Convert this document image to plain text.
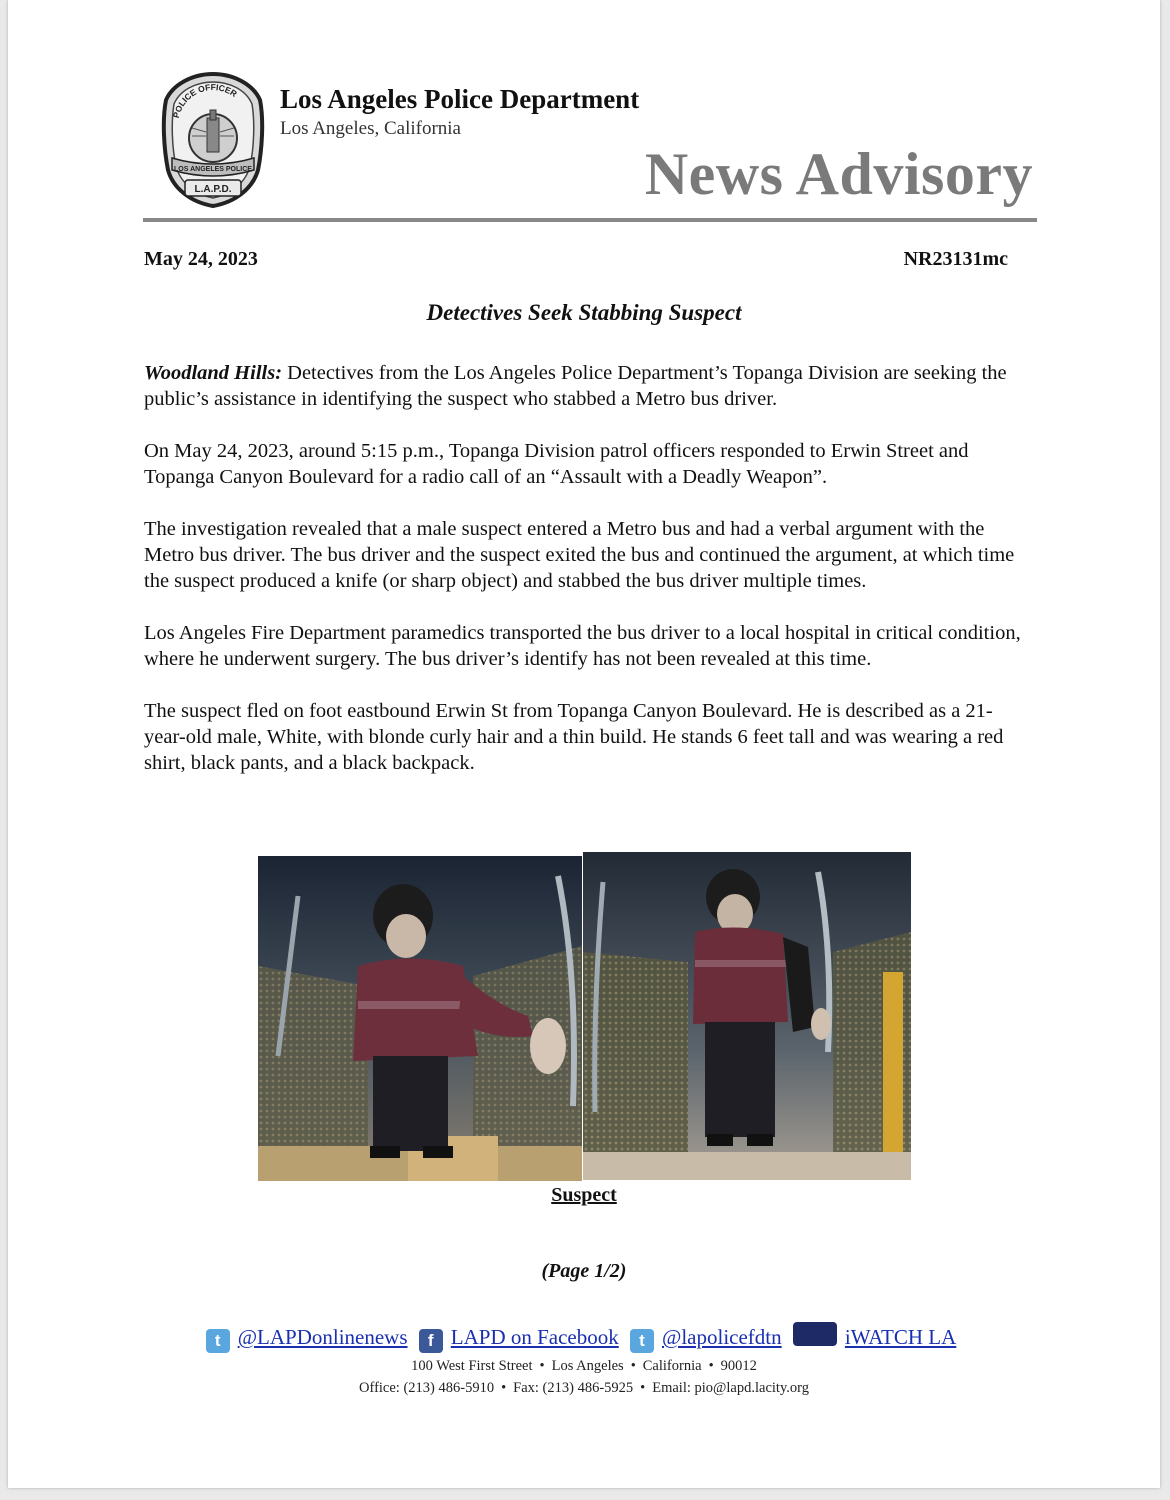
POLICE OFFICER
LOS ANGELES POLICE
L.A.P.D.
Los Angeles Police Department
Los Angeles, California
News Advisory
May 24, 2023	NR23131mc
Detectives Seek Stabbing Suspect

Woodland Hills: Detectives from the Los Angeles Police Department’s Topanga Division are seeking the public’s assistance in identifying the suspect who stabbed a Metro bus driver.

On May 24, 2023, around 5:15 p.m., Topanga Division patrol officers responded to Erwin Street and Topanga Canyon Boulevard for a radio call of an “Assault with a Deadly Weapon”.

The investigation revealed that a male suspect entered a Metro bus and had a verbal argument with the Metro bus driver. The bus driver and the suspect exited the bus and continued the argument, at which time the suspect produced a knife (or sharp object) and stabbed the bus driver multiple times.

Los Angeles Fire Department paramedics transported the bus driver to a local hospital in critical condition, where he underwent surgery. The bus driver’s identify has not been revealed at this time.

The suspect fled on foot eastbound Erwin St from Topanga Canyon Boulevard. He is described as a 21-year-old male, White, with blonde curly hair and a thin build. He stands 6 feet tall and was wearing a red shirt, black pants, and a black backpack.

Suspect
(Page 1/2)
t @LAPDonlinenews f LAPD on Facebook t @lapolicefdtn	iWATCH LA
100 West First Street • Los Angeles • California • 90012
Office: (213) 486-5910 • Fax: (213) 486-5925 • Email: pio@lapd.lacity.org
